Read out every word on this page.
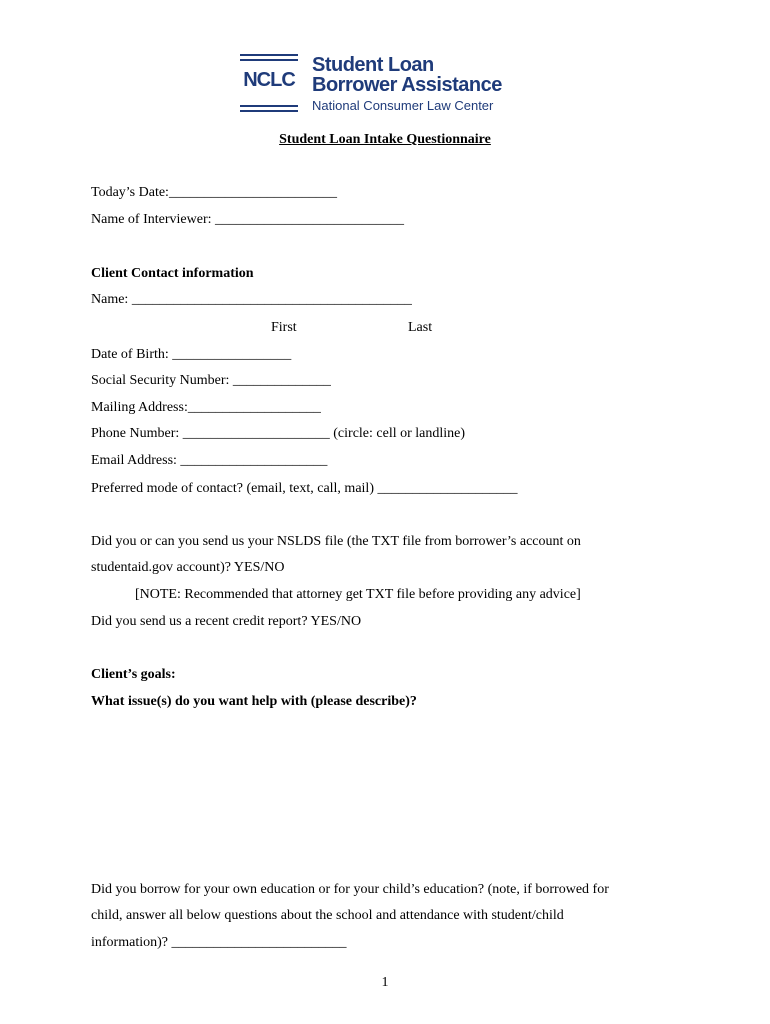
NCLC
Student Loan
Borrower Assistance
National Consumer Law Center
Student Loan Intake Questionnaire
Today’s Date:________________________
Name of Interviewer: ___________________________
Client Contact information
Name: ________________________________________
First	Last
Date of Birth: _________________
Social Security Number: ______________
Mailing Address:___________________
Phone Number: _____________________ (circle: cell or landline)
Email Address: _____________________
Preferred mode of contact? (email, text, call, mail) ____________________
Did you or can you send us your NSLDS file (the TXT file from borrower’s account on
studentaid.gov account)? YES/NO
[NOTE: Recommended that attorney get TXT file before providing any advice]
Did you send us a recent credit report? YES/NO
Client’s goals:
What issue(s) do you want help with (please describe)?
Did you borrow for your own education or for your child’s education? (note, if borrowed for
child, answer all below questions about the school and attendance with student/child
information)? _________________________
1
